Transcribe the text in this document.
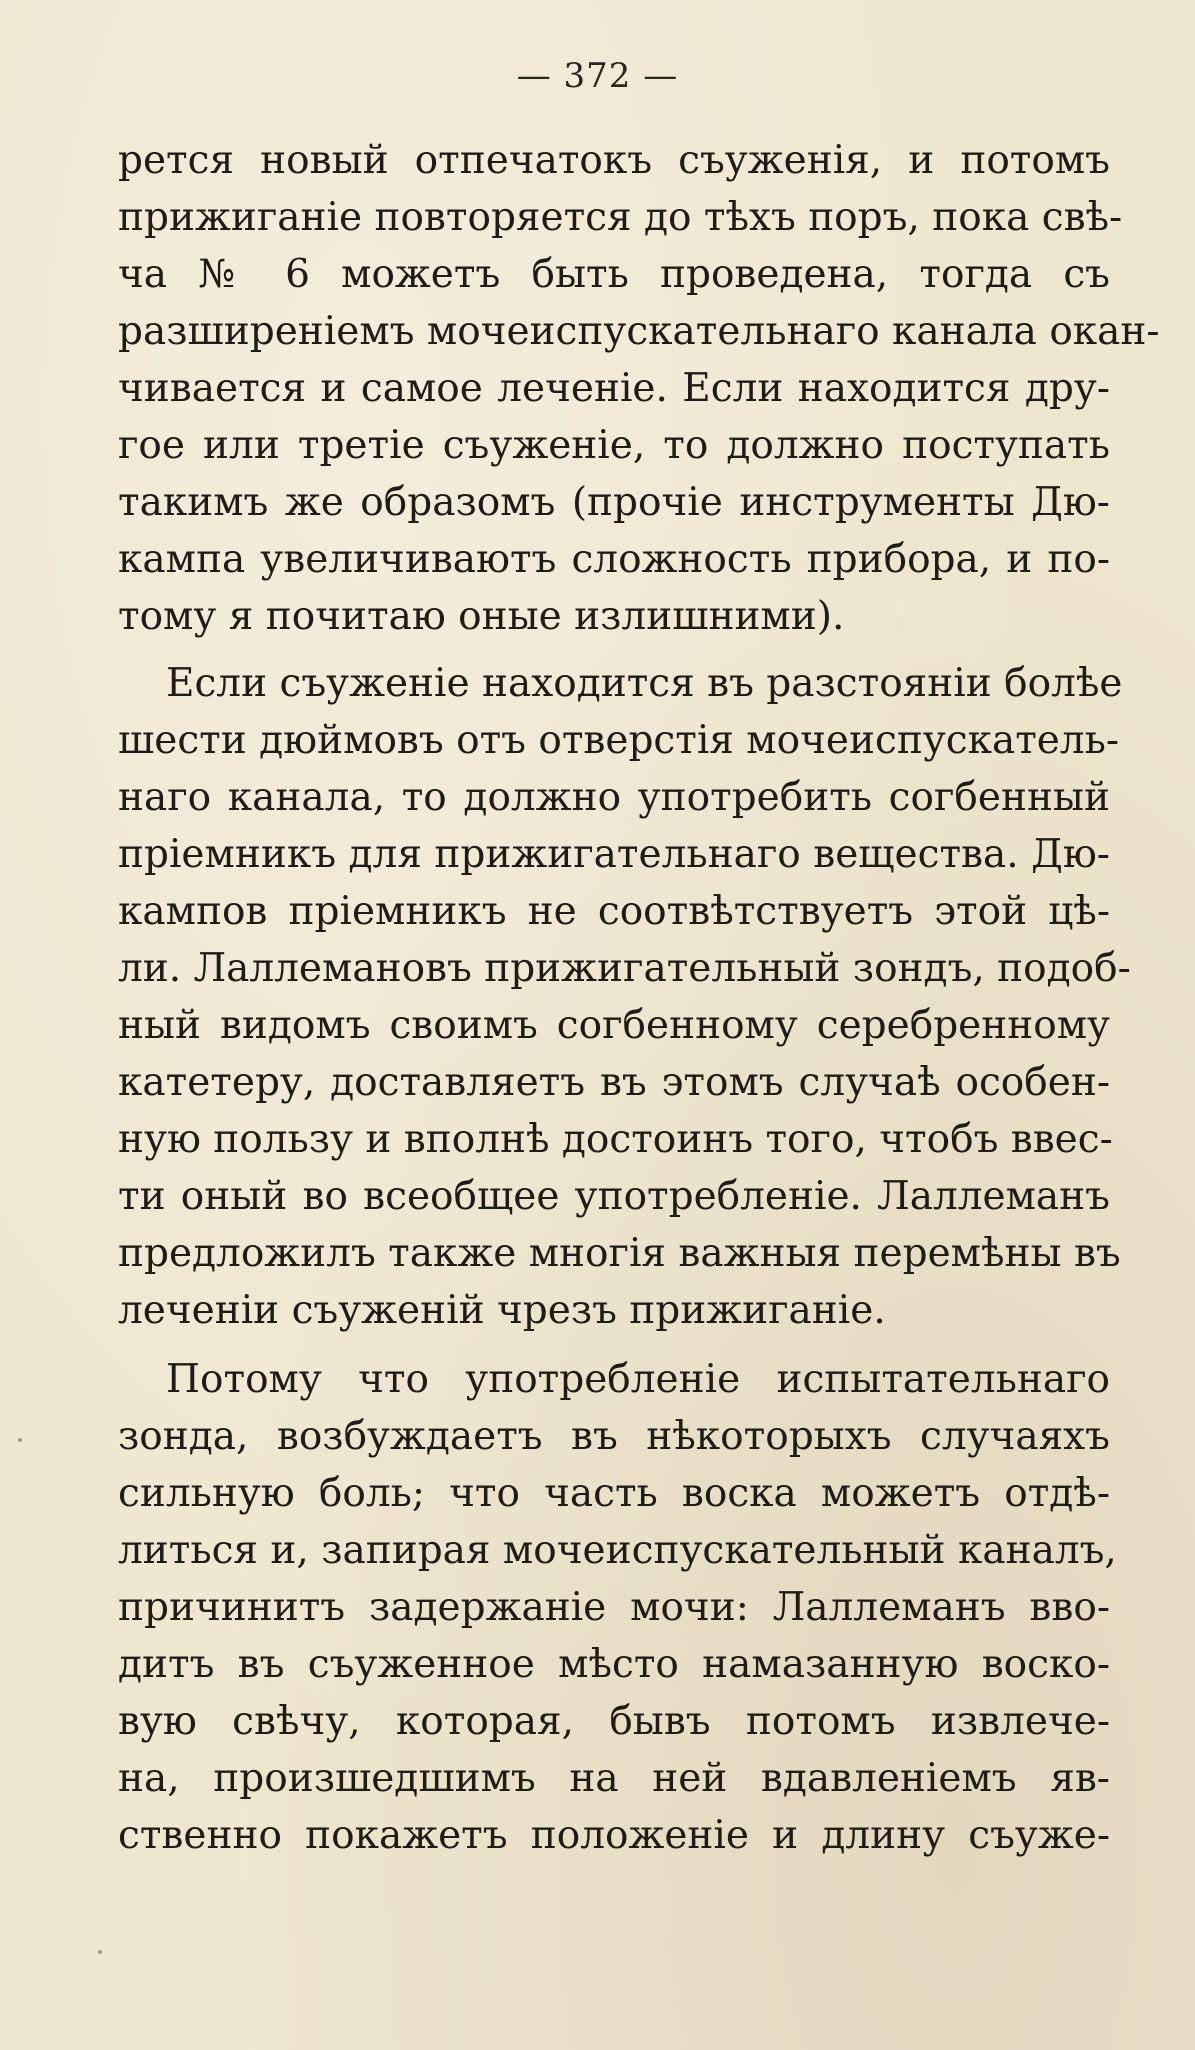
— 372 —
рется новый отпечатокъ съуженія, и потомъ
прижиганіе повторяется до тѣхъ поръ, пока свѣ-
ча № 6 можетъ быть проведена, тогда съ
разширеніемъ мочеиспускательнаго канала окан-
чивается и самое леченіе. Если находится дру-
гое или третіе съуженіе, то должно поступать
такимъ же образомъ (прочіе инструменты Дю-
кампа увеличиваютъ сложность прибора, и по-
тому я почитаю оные излишними).
Если съуженіе находится въ разстояніи болѣе
шести дюймовъ отъ отверстія мочеиспускатель-
наго канала, то должно употребить согбенный
пріемникъ для прижигательнаго вещества. Дю-
кампов пріемникъ не соотвѣтствуетъ этой цѣ-
ли. Лаллемановъ прижигательный зондъ, подоб-
ный видомъ своимъ согбенному серебренному
катетеру, доставляетъ въ этомъ случаѣ особен-
ную пользу и вполнѣ достоинъ того, чтобъ ввес-
ти оный во всеобщее употребленіе. Лаллеманъ
предложилъ также многія важныя перемѣны въ
леченіи съуженій чрезъ прижиганіе.
Потому что употребленіе испытательнаго
зонда, возбуждаетъ въ нѣкоторыхъ случаяхъ
сильную боль; что часть воска можетъ отдѣ-
литься и, запирая мочеиспускательный каналъ,
причинитъ задержаніе мочи: Лаллеманъ вво-
дитъ въ съуженное мѣсто намазанную воско-
вую свѣчу, которая, бывъ потомъ извлече-
на, произшедшимъ на ней вдавленіемъ яв-
ственно покажетъ положеніе и длину съуже-
